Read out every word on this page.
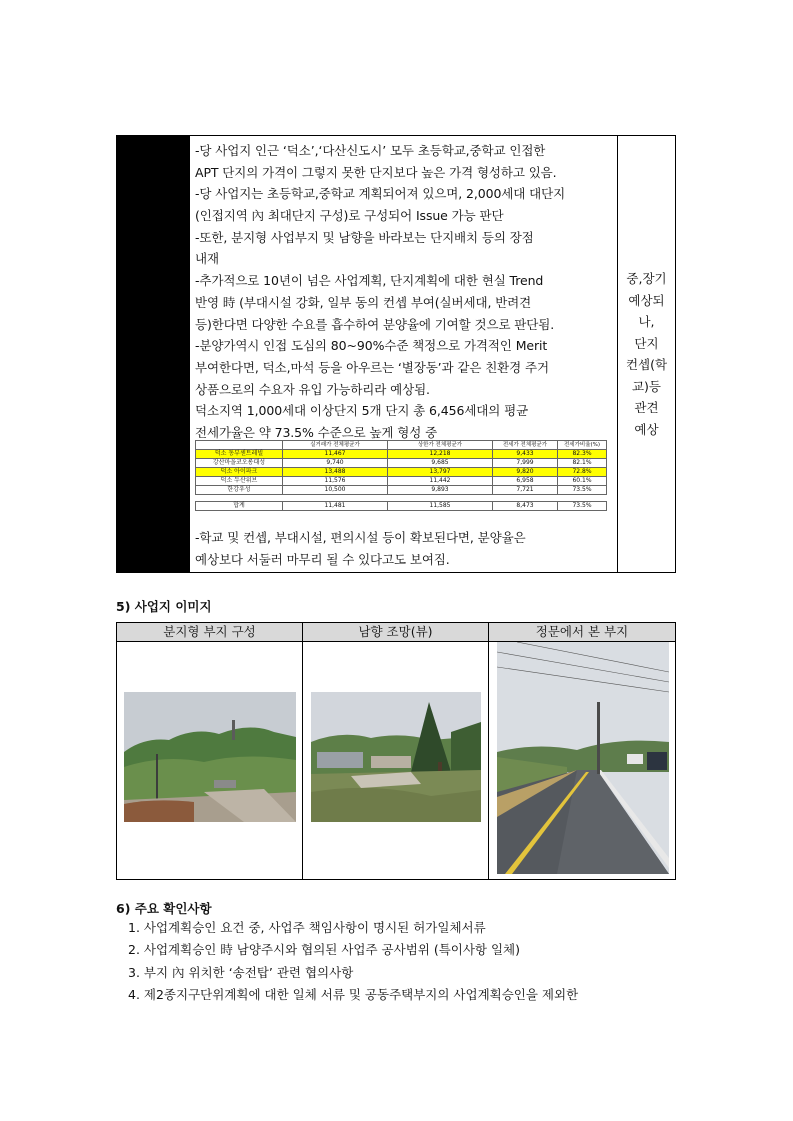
-당 사업지 인근 ‘덕소’,‘다산신도시’ 모두 초등학교,중학교 인접한
APT 단지의 가격이 그렇지 못한 단지보다 높은 가격 형성하고 있음.
-당 사업지는 초등학교,중학교 계획되어져 있으며, 2,000세대 대단지
(인접지역 內 최대단지 구성)로 구성되어 Issue 가능 판단
-또한, 분지형 사업부지 및 남향을 바라보는 단지배치 등의 장점
내재
-추가적으로 10년이 넘은 사업계획, 단지계획에 대한 현실 Trend
반영 時 (부대시설 강화, 일부 동의 컨셉 부여(실버세대, 반려견
등)한다면 다양한 수요를 흡수하여 분양율에 기여할 것으로 판단됨.
-분양가역시 인접 도심의 80~90%수준 책정으로 가격적인 Merit
부여한다면, 덕소,마석 등을 아우르는 ‘별장동’과 같은 친환경 주거
상품으로의 수요자 유입 가능하리라 예상됨.
덕소지역 1,000세대 이상단지 5개 단지 총 6,456세대의 평균
전세가율은 약 73.5% 수준으로 높게 형성 중
	실거래가 전체평균가	상한가 전체평균가	전세가 전체평균가	전세가비율(%)
덕소 동부센트레빌	11,467	12,218	9,433	82.3%
강산마을코오롱대성	9,740	9,685	7,999	82.1%
덕소 아이파크	13,488	13,797	9,820	72.8%
덕소 두산위브	11,576	11,442	6,958	60.1%
한강우성	10,500	9,893	7,721	73.5%

합계	11,481	11,585	8,473	73.5%
-학교 및 컨셉, 부대시설, 편의시설 등이 확보된다면, 분양율은
예상보다 서둘러 마무리 될 수 있다고도 보여짐.
중,장기
예상되
나,
단지
컨셉(학
교)등
관견
예상
5) 사업지 이미지
분지형 부지 구성	남향 조망(뷰)	정문에서 본 부지
6) 주요 확인사항
1. 사업계획승인 요건 중, 사업주 책임사항이 명시된 허가일체서류
2. 사업계획승인 時 남양주시와 협의된 사업주 공사범위 (특이사항 일체)
3. 부지 內 위치한 ‘송전탑’ 관련 협의사항
4. 제2종지구단위계획에 대한 일체 서류 및 공동주택부지의 사업계획승인을 제외한
